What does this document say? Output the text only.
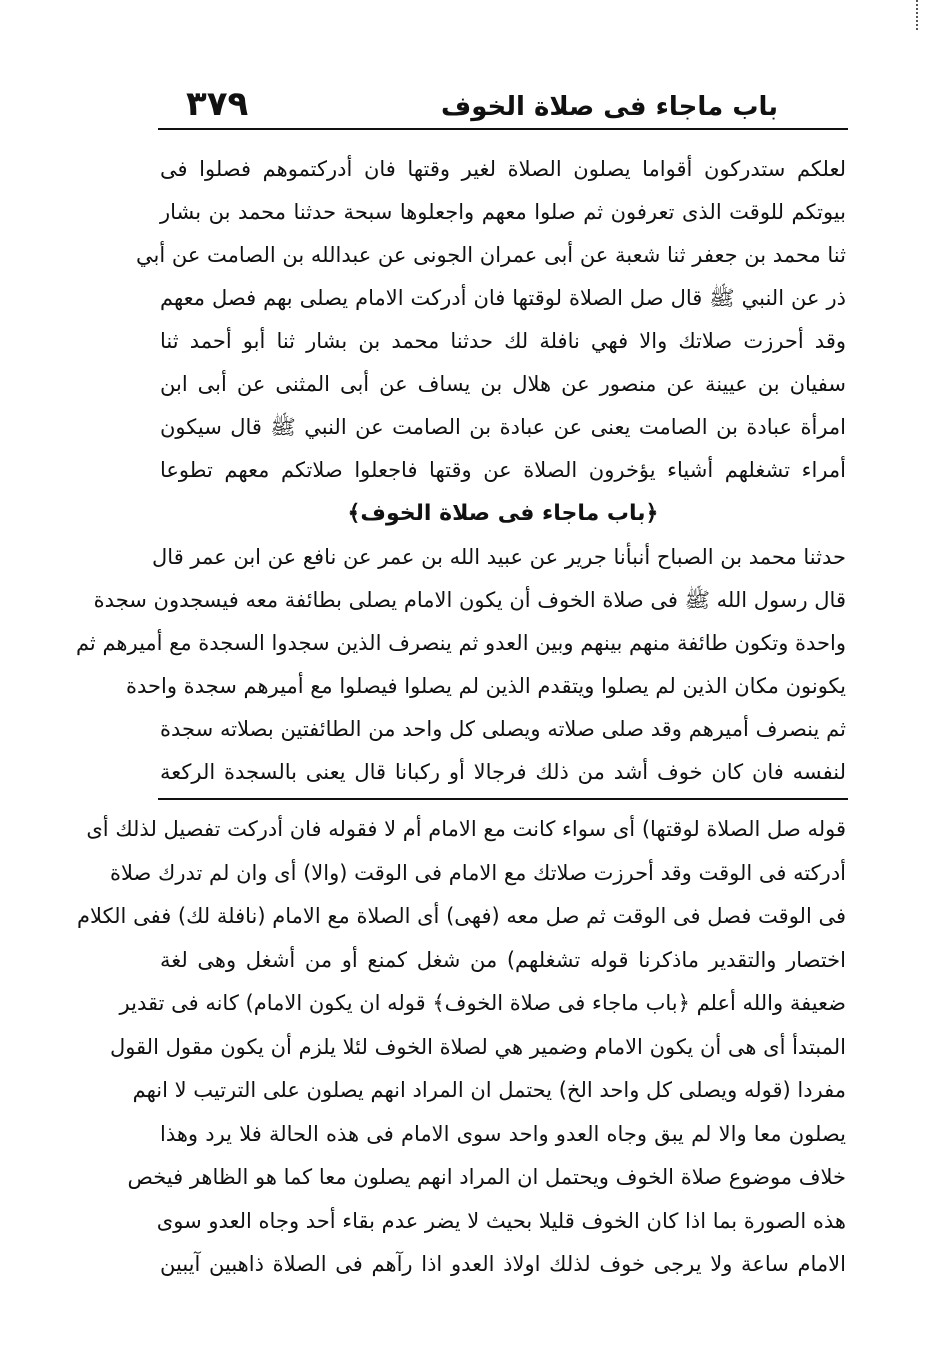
باب ماجاء فى صلاة الخوف
٣٧٩
لعلكم ستدركون أقواما يصلون الصلاة لغير وقتها فان أدركتموهم فصلوا فى
بيوتكم للوقت الذى تعرفون ثم صلوا معهم واجعلوها سبحة حدثنا محمد بن بشار
ثنا محمد بن جعفر ثنا شعبة عن أبى عمران الجونى عن عبدالله بن الصامت عن أبي
ذر عن النبي ﷺ قال صل الصلاة لوقتها فان أدركت الامام يصلى بهم فصل معهم
وقد أحرزت صلاتك والا فهي نافلة لك حدثنا محمد بن بشار ثنا أبو أحمد ثنا
سفيان بن عيينة عن منصور عن هلال بن يساف عن أبى المثنى عن أبى ابن
امرأة عبادة بن الصامت يعنى عن عبادة بن الصامت عن النبي ﷺ قال سيكون
أمراء تشغلهم أشياء يؤخرون الصلاة عن وقتها فاجعلوا صلاتكم معهم تطوعا
﴿باب ماجاء فى صلاة الخوف﴾
حدثنا محمد بن الصباح أنبأنا جرير عن عبيد الله بن عمر عن نافع عن ابن عمر قال
قال رسول الله ﷺ فى صلاة الخوف أن يكون الامام يصلى بطائفة معه فيسجدون سجدة
واحدة وتكون طائفة منهم بينهم وبين العدو ثم ينصرف الذين سجدوا السجدة مع أميرهم ثم
يكونون مكان الذين لم يصلوا ويتقدم الذين لم يصلوا فيصلوا مع أميرهم سجدة واحدة
ثم ينصرف أميرهم وقد صلى صلاته ويصلى كل واحد من الطائفتين بصلاته سجدة
لنفسه فان كان خوف أشد من ذلك فرجالا أو ركبانا قال يعنى بالسجدة الركعة
قوله صل الصلاة لوقتها) أى سواء كانت مع الامام أم لا فقوله فان أدركت تفصيل لذلك أى
أدركته فى الوقت وقد أحرزت صلاتك مع الامام فى الوقت (والا) أى وان لم تدرك صلاة
فى الوقت فصل فى الوقت ثم صل معه (فهى) أى الصلاة مع الامام (نافلة لك) ففى الكلام
اختصار والتقدير ماذكرنا قوله تشغلهم) من شغل كمنع أو من أشغل وهى لغة
ضعيفة والله أعلم ﴿باب ماجاء فى صلاة الخوف﴾ قوله ان يكون الامام) كانه فى تقدير
المبتدأ أى هى أن يكون الامام وضمير هي لصلاة الخوف لئلا يلزم أن يكون مقول القول
مفردا (قوله ويصلى كل واحد الخ) يحتمل ان المراد انهم يصلون على الترتيب لا انهم
يصلون معا والا لم يبق وجاه العدو واحد سوى الامام فى هذه الحالة فلا يرد وهذا
خلاف موضوع صلاة الخوف ويحتمل ان المراد انهم يصلون معا كما هو الظاهر فيخص
هذه الصورة بما اذا كان الخوف قليلا بحيث لا يضر عدم بقاء أحد وجاه العدو سوى
الامام ساعة ولا يرجى خوف لذلك اولاذ العدو اذا رآهم فى الصلاة ذاهبين آيبين
